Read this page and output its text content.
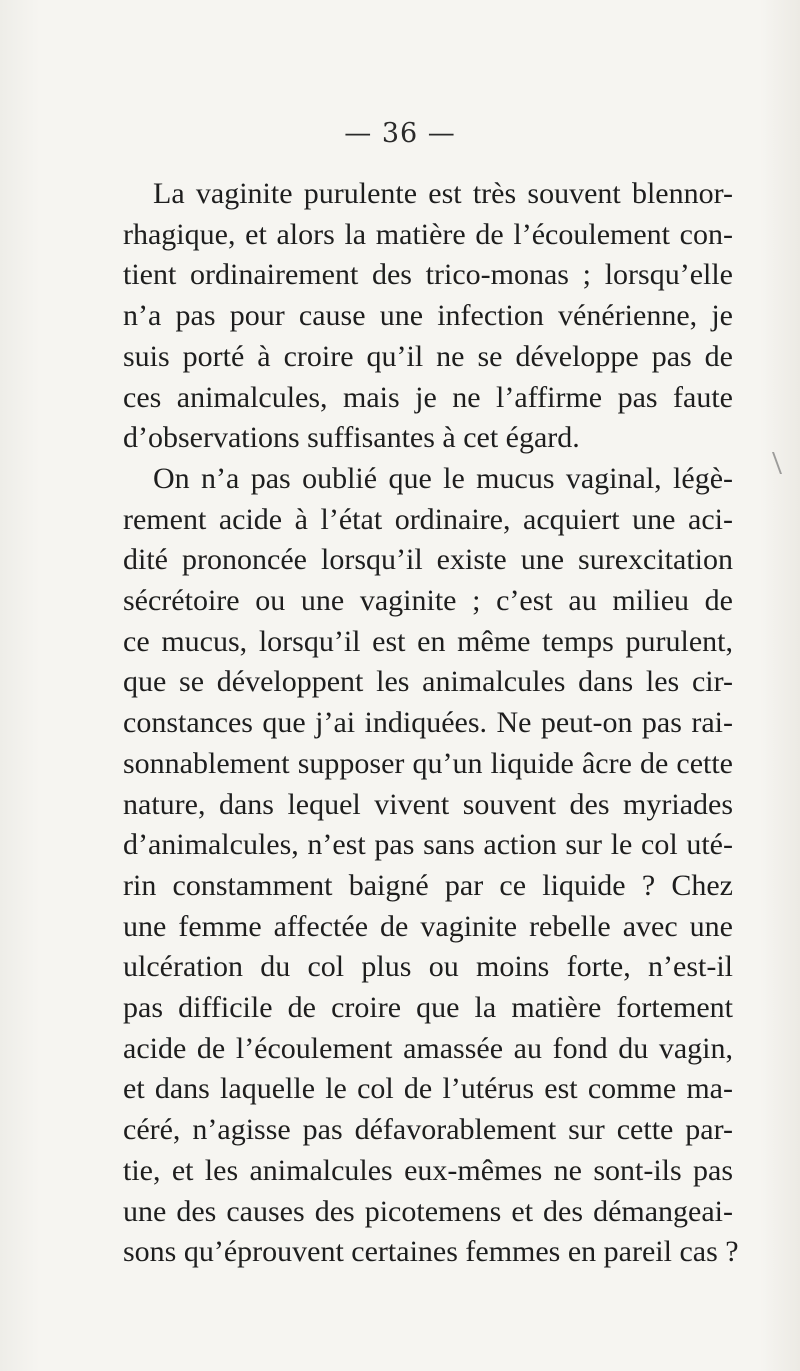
— 36 —
La vaginite purulente est très souvent blennor-
rhagique, et alors la matière de l’écoulement con-
tient ordinairement des trico-monas ; lorsqu’elle
n’a pas pour cause une infection vénérienne, je
suis porté à croire qu’il ne se développe pas de
ces animalcules, mais je ne l’affirme pas faute
d’observations suffisantes à cet égard.
On n’a pas oublié que le mucus vaginal, légè-
rement acide à l’état ordinaire, acquiert une aci-
dité prononcée lorsqu’il existe une surexcitation
sécrétoire ou une vaginite ; c’est au milieu de
ce mucus, lorsqu’il est en même temps purulent,
que se développent les animalcules dans les cir-
constances que j’ai indiquées. Ne peut-on pas rai-
sonnablement supposer qu’un liquide âcre de cette
nature, dans lequel vivent souvent des myriades
d’animalcules, n’est pas sans action sur le col uté-
rin constamment baigné par ce liquide ? Chez
une femme affectée de vaginite rebelle avec une
ulcération du col plus ou moins forte, n’est-il
pas difficile de croire que la matière fortement
acide de l’écoulement amassée au fond du vagin,
et dans laquelle le col de l’utérus est comme ma-
céré, n’agisse pas défavorablement sur cette par-
tie, et les animalcules eux-mêmes ne sont-ils pas
une des causes des picotemens et des démangeai-
sons qu’éprouvent certaines femmes en pareil cas ?
